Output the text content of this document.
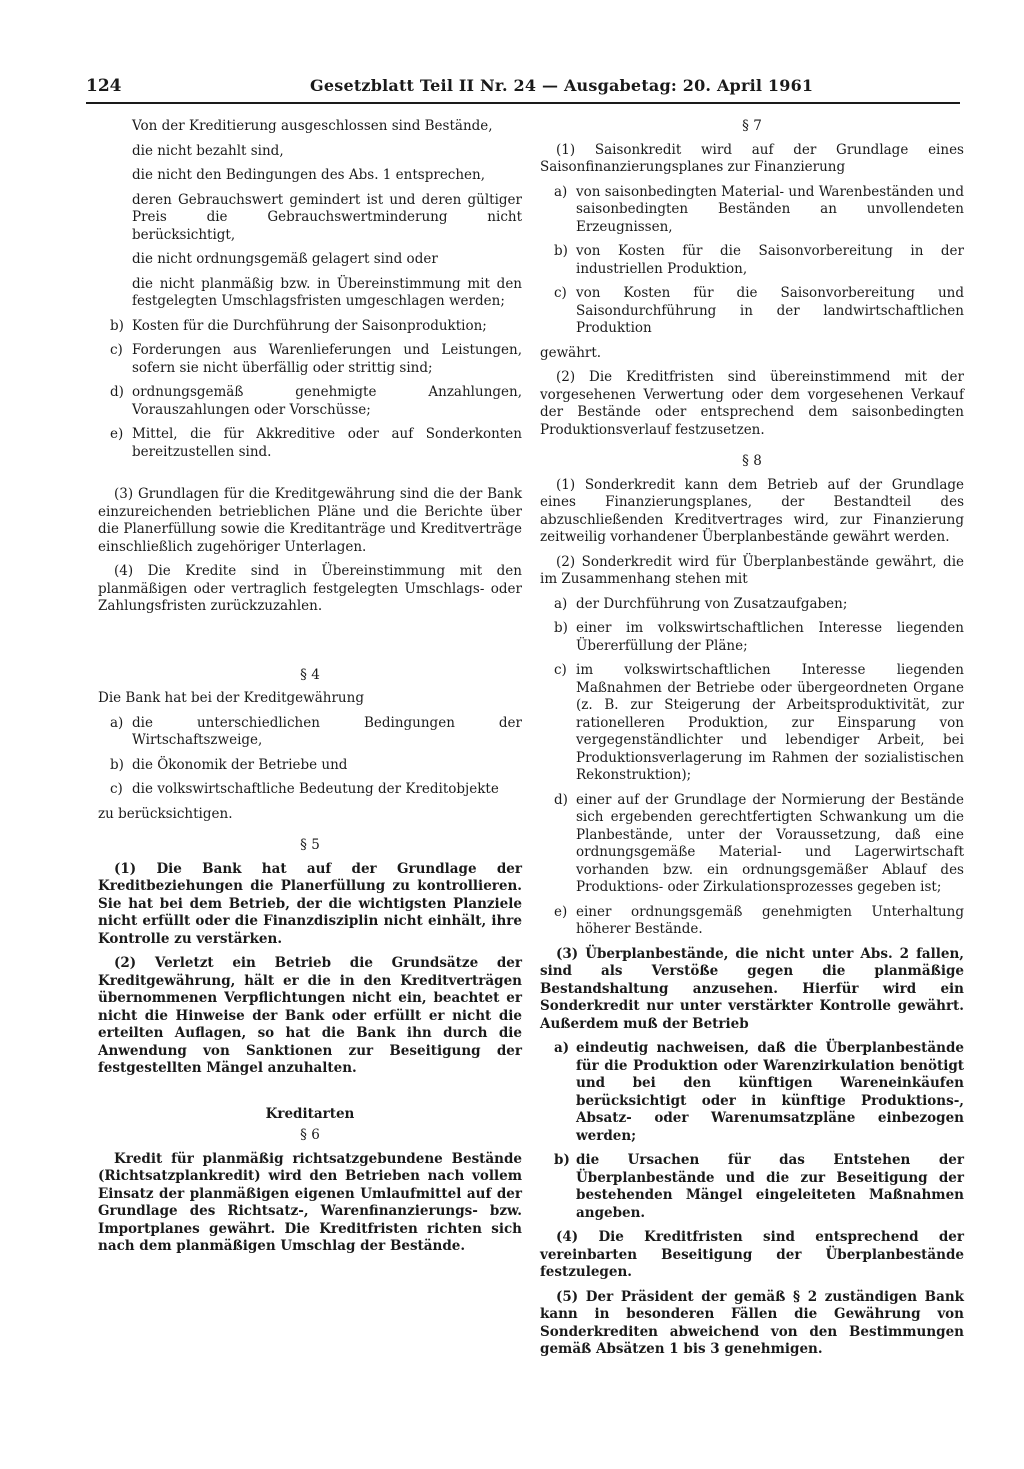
124	Gesetzblatt Teil II Nr. 24 — Ausgabetag: 20. April 1961

Von der Kreditierung ausgeschlossen sind Bestände,

die nicht bezahlt sind,

die nicht den Bedingungen des Abs. 1 entsprechen,

deren Gebrauchswert gemindert ist und deren gültiger Preis die Gebrauchswertminderung nicht berücksichtigt,

die nicht ordnungsgemäß gelagert sind oder

die nicht planmäßig bzw. in Übereinstimmung mit den festgelegten Umschlagsfristen umgeschlagen werden;

b) Kosten für die Durchführung der Saisonproduktion;
c) Forderungen aus Warenlieferungen und Leistungen, sofern sie nicht überfällig oder strittig sind;
d) ordnungsgemäß genehmigte Anzahlungen, Vorauszahlungen oder Vorschüsse;
e) Mittel, die für Akkreditive oder auf Sonderkonten bereitzustellen sind.

(3) Grundlagen für die Kreditgewährung sind die der Bank einzureichenden betrieblichen Pläne und die Berichte über die Planerfüllung sowie die Kreditanträge und Kreditverträge einschließlich zugehöriger Unterlagen.

(4) Die Kredite sind in Übereinstimmung mit den planmäßigen oder vertraglich festgelegten Umschlags- oder Zahlungsfristen zurückzuzahlen.

§ 4

Die Bank hat bei der Kreditgewährung

a) die unterschiedlichen Bedingungen der Wirtschaftszweige,
b) die Ökonomik der Betriebe und
c) die volkswirtschaftliche Bedeutung der Kreditobjekte

zu berücksichtigen.

§ 5

(1) Die Bank hat auf der Grundlage der Kreditbeziehungen die Planerfüllung zu kontrollieren. Sie hat bei dem Betrieb, der die wichtigsten Planziele nicht erfüllt oder die Finanzdisziplin nicht einhält, ihre Kontrolle zu verstärken.

(2) Verletzt ein Betrieb die Grundsätze der Kreditgewährung, hält er die in den Kreditverträgen übernommenen Verpflichtungen nicht ein, beachtet er nicht die Hinweise der Bank oder erfüllt er nicht die erteilten Auflagen, so hat die Bank ihn durch die Anwendung von Sanktionen zur Beseitigung der festgestellten Mängel anzuhalten.

Kreditarten
§ 6

Kredit für planmäßig richtsatzgebundene Bestände (Richtsatzplankredit) wird den Betrieben nach vollem Einsatz der planmäßigen eigenen Umlaufmittel auf der Grundlage des Richtsatz-, Warenfinanzierungs- bzw. Importplanes gewährt. Die Kreditfristen richten sich nach dem planmäßigen Umschlag der Bestände.

§ 7

(1) Saisonkredit wird auf der Grundlage eines Saisonfinanzierungsplanes zur Finanzierung

a) von saisonbedingten Material- und Warenbeständen und saisonbedingten Beständen an unvollendeten Erzeugnissen,
b) von Kosten für die Saisonvorbereitung in der industriellen Produktion,
c) von Kosten für die Saisonvorbereitung und Saisondurchführung in der landwirtschaftlichen Produktion

gewährt.

(2) Die Kreditfristen sind übereinstimmend mit der vorgesehenen Verwertung oder dem vorgesehenen Verkauf der Bestände oder entsprechend dem saisonbedingten Produktionsverlauf festzusetzen.

§ 8

(1) Sonderkredit kann dem Betrieb auf der Grundlage eines Finanzierungsplanes, der Bestandteil des abzuschließenden Kreditvertrages wird, zur Finanzierung zeitweilig vorhandener Überplanbestände gewährt werden.

(2) Sonderkredit wird für Überplanbestände gewährt, die im Zusammenhang stehen mit

a) der Durchführung von Zusatzaufgaben;
b) einer im volkswirtschaftlichen Interesse liegenden Übererfüllung der Pläne;
c) im volkswirtschaftlichen Interesse liegenden Maßnahmen der Betriebe oder übergeordneten Organe (z. B. zur Steigerung der Arbeitsproduktivität, zur rationelleren Produktion, zur Einsparung von vergegenständlichter und lebendiger Arbeit, bei Produktionsverlagerung im Rahmen der sozialistischen Rekonstruktion);
d) einer auf der Grundlage der Normierung der Bestände sich ergebenden gerechtfertigten Schwankung um die Planbestände, unter der Voraussetzung, daß eine ordnungsgemäße Material- und Lagerwirtschaft vorhanden bzw. ein ordnungsgemäßer Ablauf des Produktions- oder Zirkulationsprozesses gegeben ist;
e) einer ordnungsgemäß genehmigten Unterhaltung höherer Bestände.

(3) Überplanbestände, die nicht unter Abs. 2 fallen, sind als Verstöße gegen die planmäßige Bestandshaltung anzusehen. Hierfür wird ein Sonderkredit nur unter verstärkter Kontrolle gewährt. Außerdem muß der Betrieb

a) eindeutig nachweisen, daß die Überplanbestände für die Produktion oder Warenzirkulation benötigt und bei den künftigen Wareneinkäufen berücksichtigt oder in künftige Produktions-, Absatz- oder Warenumsatzpläne einbezogen werden;
b) die Ursachen für das Entstehen der Überplanbestände und die zur Beseitigung der bestehenden Mängel eingeleiteten Maßnahmen angeben.

(4) Die Kreditfristen sind entsprechend der vereinbarten Beseitigung der Überplanbestände festzulegen.

(5) Der Präsident der gemäß § 2 zuständigen Bank kann in besonderen Fällen die Gewährung von Sonderkrediten abweichend von den Bestimmungen gemäß Absätzen 1 bis 3 genehmigen.
